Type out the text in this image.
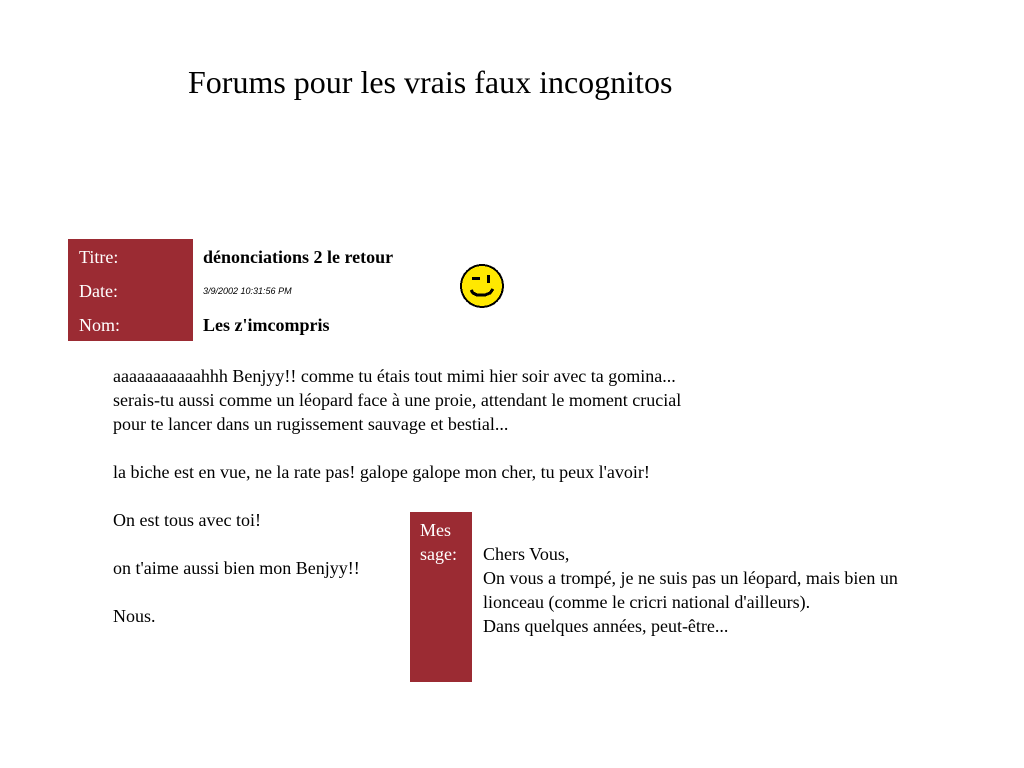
Forums pour les vrais faux incognitos
Titre:
Date:
Nom:
dénonciations 2 le retour
3/9/2002 10:31:56 PM
Les z'imcompris

aaaaaaaaaaahhh Benjyy!! comme tu étais tout mimi hier soir avec ta gomina... serais-tu aussi comme un léopard face à une proie, attendant le moment crucial pour te lancer dans un rugissement sauvage et bestial...

la biche est en vue, ne la rate pas! galope galope mon cher, tu peux l'avoir!

On est tous avec toi!

on t'aime aussi bien mon Benjyy!!

Nous.

Mes
sage:	Chers Vous,
On vous a trompé, je ne suis pas un léopard, mais bien un lionceau (comme le cricri national d'ailleurs).
Dans quelques années, peut-être...
